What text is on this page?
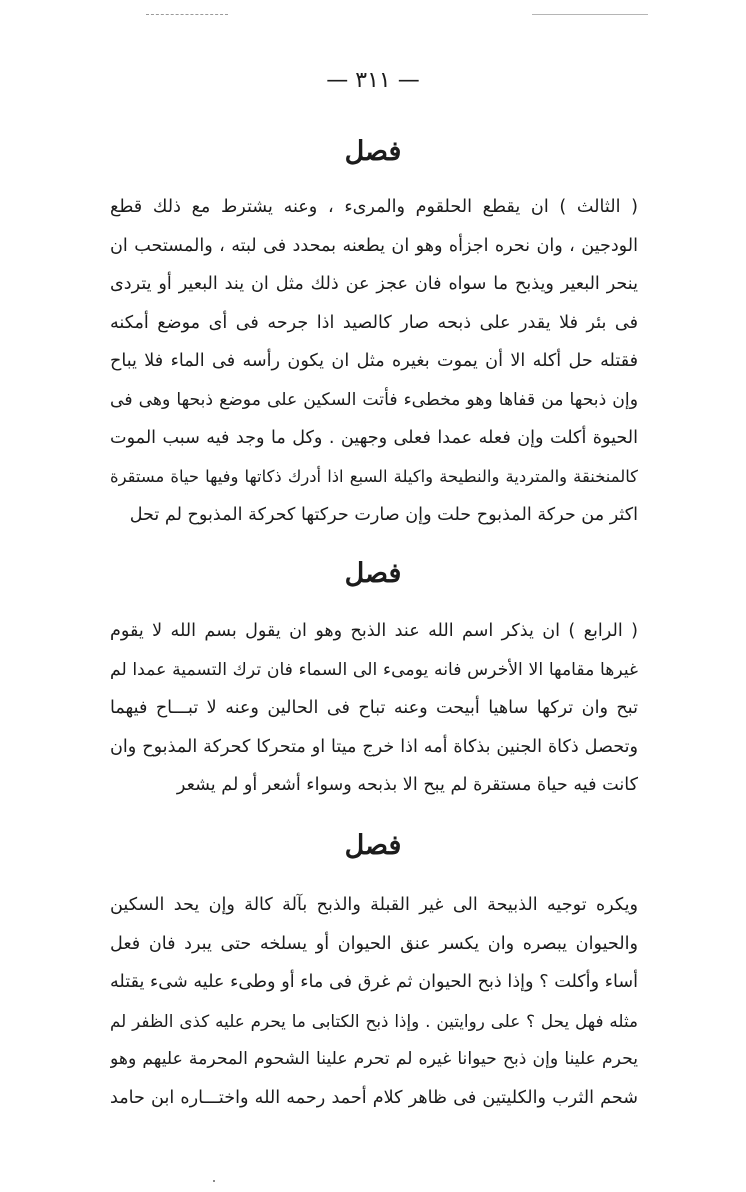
— ٣١١ —
فصل
( الثالث ) ان يقطع الحلقوم والمرىء ، وعنه يشترط مع ذلك قطع
الودجين ، وان نحره اجزأه وهو ان يطعنه بمحدد فى لبته ، والمستحب ان
ينحر البعير ويذبح ما سواه فان عجز عن ذلك مثل ان يند البعير أو يتردى
فى بئر فلا يقدر على ذبحه صار كالصيد اذا جرحه فى أى موضع أمكنه
فقتله حل أكله الا أن يموت بغيره مثل ان يكون رأسه فى الماء فلا يباح
وإن ذبحها من قفاها وهو مخطىء فأتت السكين على موضع ذبحها وهى فى
الحيوة أكلت وإن فعله عمدا فعلى وجهين . وكل ما وجد فيه سبب الموت
كالمنخنقة والمتردية والنطيحة واكيلة السبع اذا أدرك ذكاتها وفيها حياة مستقرة
اكثر من حركة المذبوح حلت وإن صارت حركتها كحركة المذبوح لم تحل
فصل
( الرابع ) ان يذكر اسم الله عند الذبح وهو ان يقول بسم الله لا يقوم
غيرها مقامها الا الأخرس فانه يومىء الى السماء فان ترك التسمية عمدا لم
تبح وان تركها ساهيا أبيحت وعنه تباح فى الحالين وعنه لا تبـــاح فيهما
وتحصل ذكاة الجنين بذكاة أمه اذا خرج ميتا او متحركا كحركة المذبوح وان
كانت فيه حياة مستقرة لم يبح الا بذبحه وسواء أشعر أو لم يشعر
فصل
ويكره توجيه الذبيحة الى غير القبلة والذبح بآلة كالة وإن يحد السكين
والحيوان يبصره وان يكسر عنق الحيوان أو يسلخه حتى يبرد فان فعل
أساء وأكلت ؟ وإذا ذبح الحيوان ثم غرق فى ماء أو وطىء عليه شىء يقتله
مثله فهل يحل ؟ على روايتين . وإذا ذبح الكتابى ما يحرم عليه كذى الظفر لم
يحرم علينا وإن ذبح حيوانا غيره لم تحرم علينا الشحوم المحرمة عليهم وهو
شحم الثرب والكليتين فى ظاهر كلام أحمد رحمه الله واختـــاره ابن حامد
